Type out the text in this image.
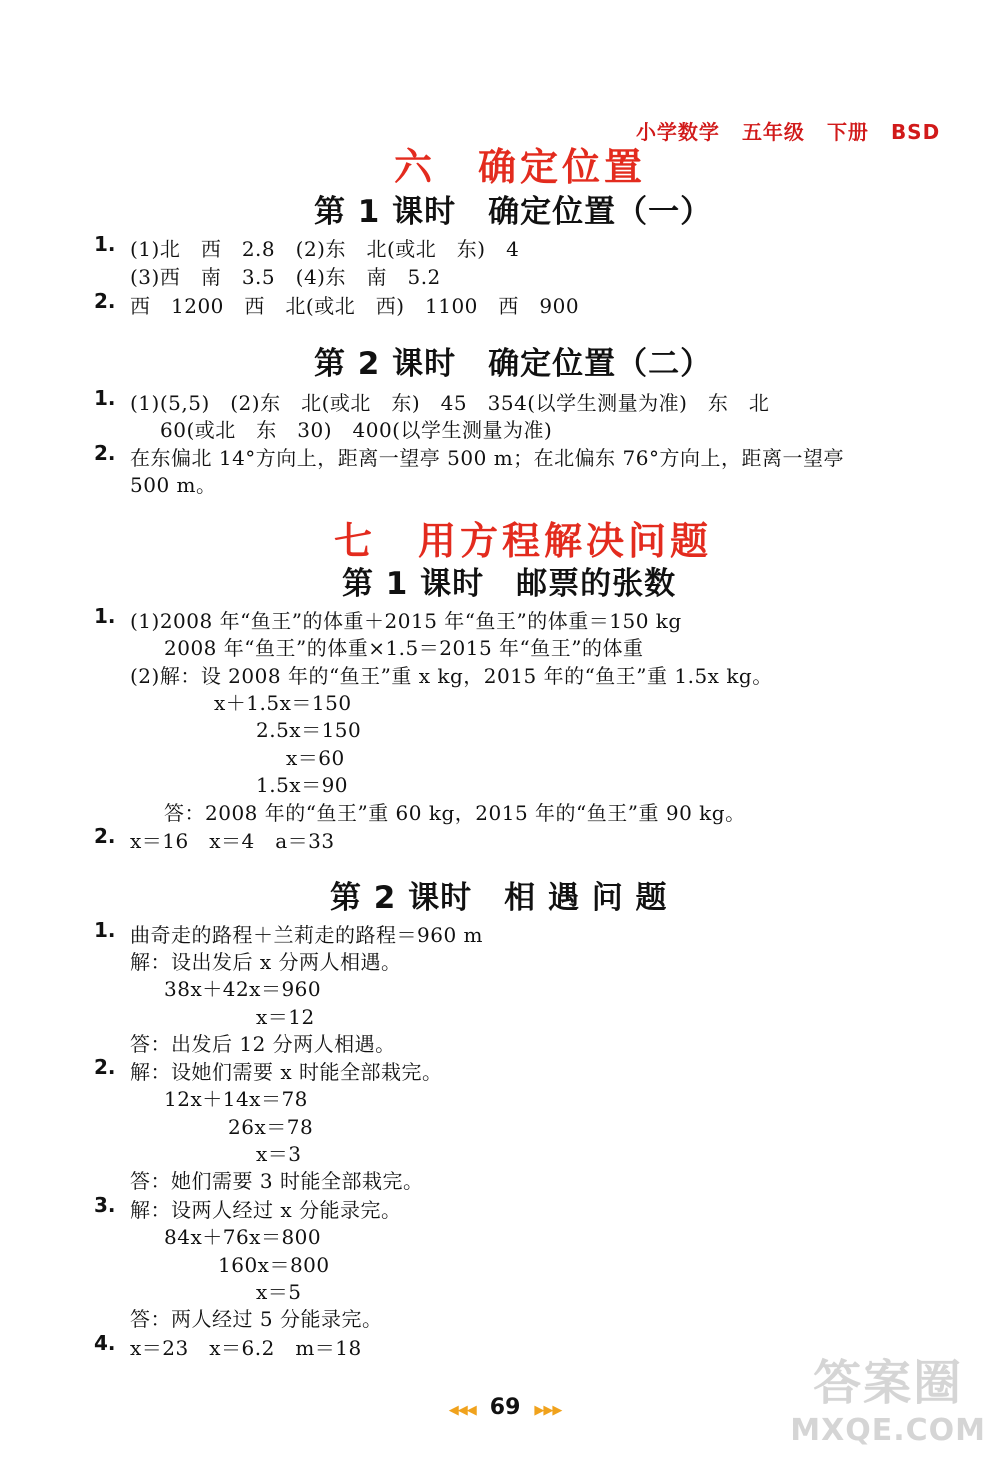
小学数学 五年级 下册 BSD

六　确定位置
第 1 课时　确定位置（一）
1. (1)北　西　2.8　(2)东　北(或北　东)　4
(3)西　南　3.5　(4)东　南　5.2
2. 西　1200　西　北(或北　西)　1100　西　900
第 2 课时　确定位置（二）
1. (1)(5,5)　(2)东　北(或北　东)　45　354(以学生测量为准)　东　北
60(或北　东　30)　400(以学生测量为准)
2. 在东偏北 14°方向上，距离一望亭 500 m；在北偏东 76°方向上，距离一望亭
500 m。
七　用方程解决问题
第 1 课时　邮票的张数
1. (1)2008 年“鱼王”的体重＋2015 年“鱼王”的体重＝150 kg
2008 年“鱼王”的体重×1.5＝2015 年“鱼王”的体重
(2)解：设 2008 年的“鱼王”重 x kg，2015 年的“鱼王”重 1.5x kg。
x＋1.5x＝150
2.5x＝150
x＝60
1.5x＝90
答：2008 年的“鱼王”重 60 kg，2015 年的“鱼王”重 90 kg。
2. x＝16　x＝4　a＝33
第 2 课时　相 遇 问 题
1. 曲奇走的路程＋兰莉走的路程＝960 m
解：设出发后 x 分两人相遇。
38x＋42x＝960
x＝12
答：出发后 12 分两人相遇。
2. 解：设她们需要 x 时能全部栽完。
12x＋14x＝78
26x＝78
x＝3
答：她们需要 3 时能全部栽完。
3. 解：设两人经过 x 分能录完。
84x＋76x＝800
160x＝800
x＝5
答：两人经过 5 分能录完。
4. x＝23　x＝6.2　m＝18

◀◀◀ 69 ▶▶▶	答案圈
MXQE.COM
